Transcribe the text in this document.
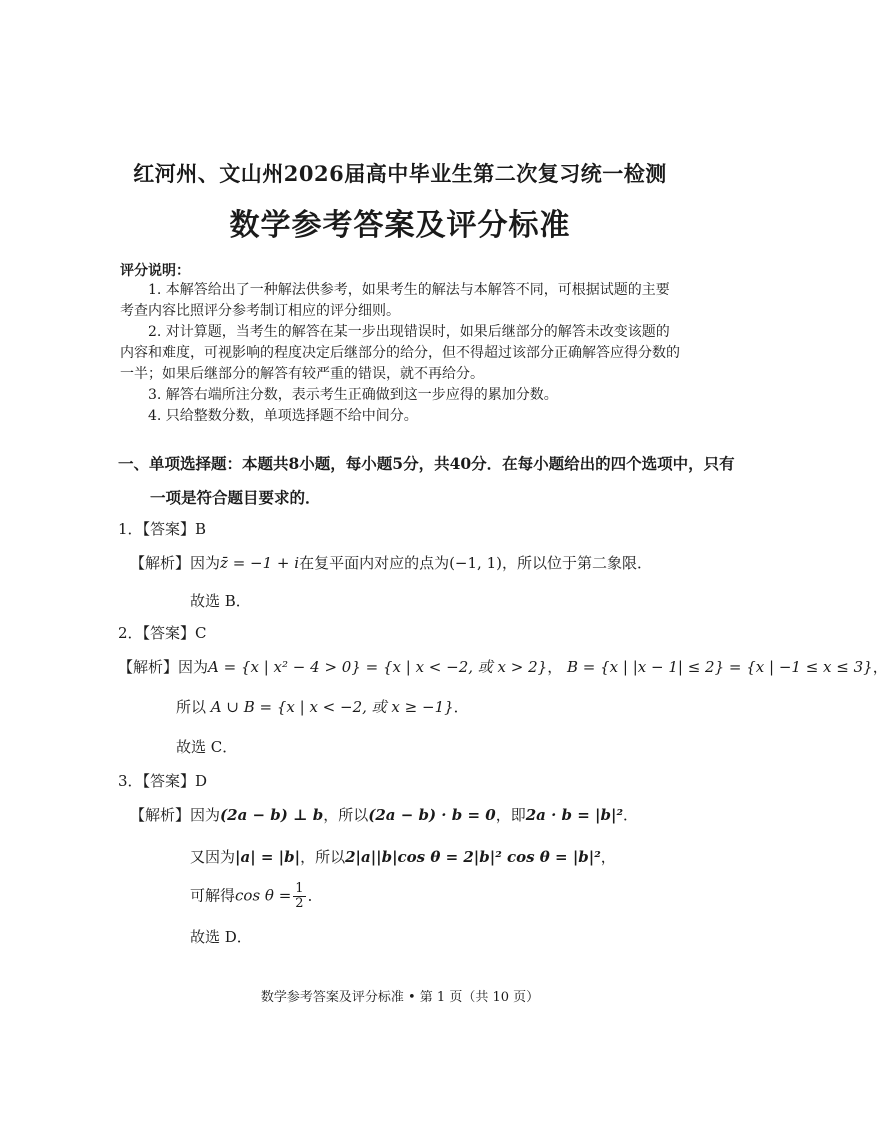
红河州、文山州2026届高中毕业生第二次复习统一检测
数学参考答案及评分标准
评分说明：
1. 本解答给出了一种解法供参考，如果考生的解法与本解答不同，可根据试题的主要
考查内容比照评分参考制订相应的评分细则。
2. 对计算题，当考生的解答在某一步出现错误时，如果后继部分的解答未改变该题的
内容和难度，可视影响的程度决定后继部分的给分，但不得超过该部分正确解答应得分数的
一半；如果后继部分的解答有较严重的错误，就不再给分。
3. 解答右端所注分数，表示考生正确做到这一步应得的累加分数。
4. 只给整数分数，单项选择题不给中间分。
一、单项选择题：本题共8小题，每小题5分，共40分．在每小题给出的四个选项中，只有
一项是符合题目要求的．
1．【答案】B
【解析】因为z̄ = −1 + i在复平面内对应的点为(−1, 1)，所以位于第二象限．
故选 B．
2．【答案】C
【解析】因为A = {x | x² − 4 > 0} = {x | x < −2, 或 x > 2}， B = {x | |x − 1| ≤ 2} = {x | −1 ≤ x ≤ 3}，
所以 A ∪ B = {x | x < −2, 或 x ≥ −1}．
故选 C．
3．【答案】D
【解析】因为(2a − b) ⊥ b，所以(2a − b) · b = 0，即2a · b = |b|²．
又因为|a| = |b|，所以2|a||b|cos θ = 2|b|² cos θ = |b|²，
可解得$\cos \theta = \frac{1}{2}$ ．
故选 D．
数学参考答案及评分标准 • 第 1 页（共 10 页）
